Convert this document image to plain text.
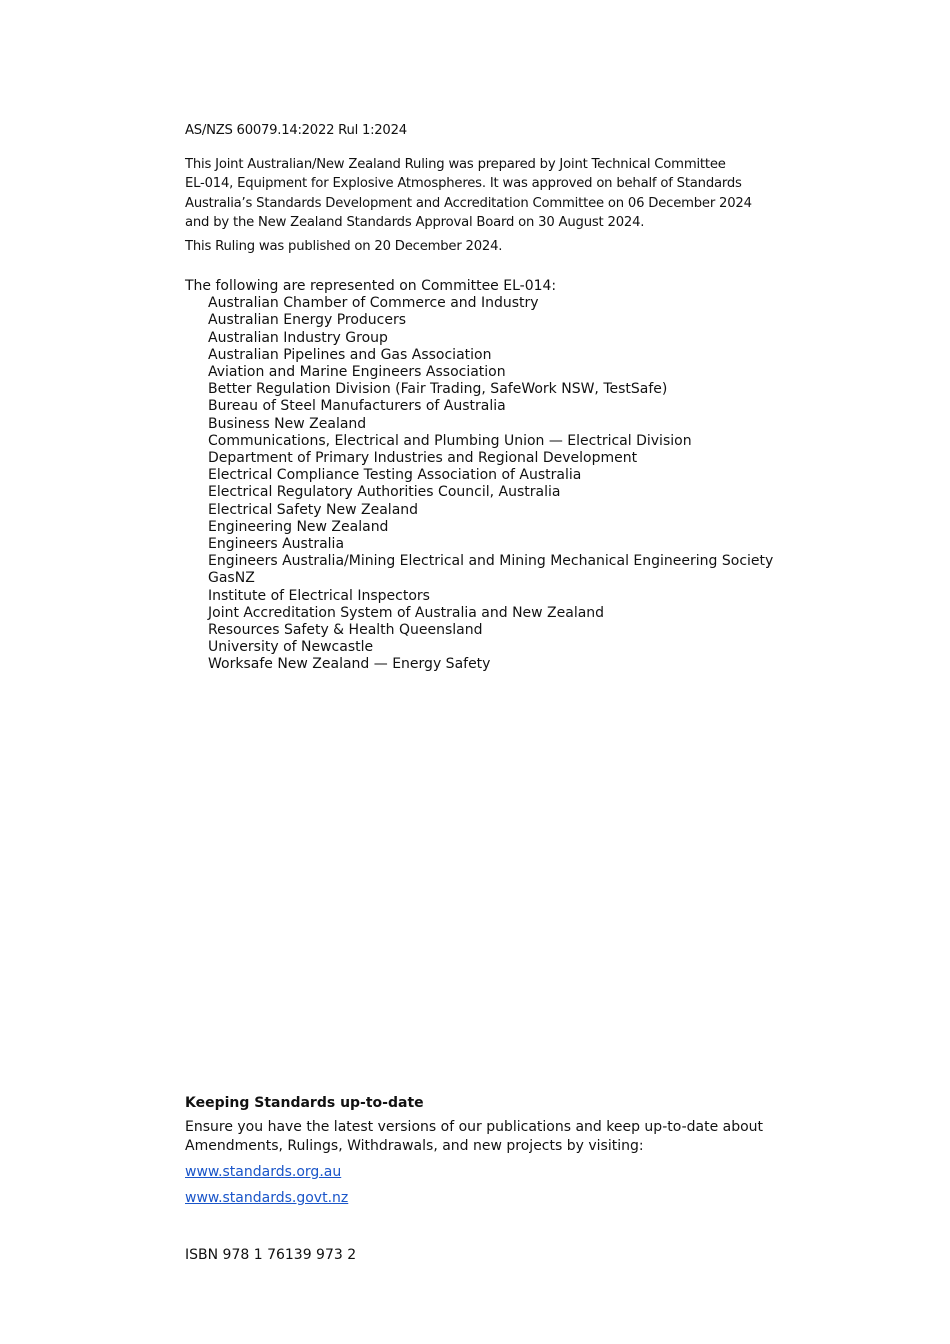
AS/NZS 60079.14:2022 Rul 1:2024

This Joint Australian/New Zealand Ruling was prepared by Joint Technical Committee

EL-014, Equipment for Explosive Atmospheres. It was approved on behalf of Standards

Australia’s Standards Development and Accreditation Committee on 06 December 2024

and by the New Zealand Standards Approval Board on 30 August 2024.

This Ruling was published on 20 December 2024.

The following are represented on Committee EL-014:

Australian Chamber of Commerce and Industry
Australian Energy Producers
Australian Industry Group
Australian Pipelines and Gas Association
Aviation and Marine Engineers Association
Better Regulation Division (Fair Trading, SafeWork NSW, TestSafe)
Bureau of Steel Manufacturers of Australia
Business New Zealand
Communications, Electrical and Plumbing Union — Electrical Division
Department of Primary Industries and Regional Development
Electrical Compliance Testing Association of Australia
Electrical Regulatory Authorities Council, Australia
Electrical Safety New Zealand
Engineering New Zealand
Engineers Australia
Engineers Australia/Mining Electrical and Mining Mechanical Engineering Society
GasNZ
Institute of Electrical Inspectors
Joint Accreditation System of Australia and New Zealand
Resources Safety & Health Queensland
University of Newcastle
Worksafe New Zealand — Energy Safety
Keeping Standards up-to-date

Ensure you have the latest versions of our publications and keep up-to-date about

Amendments, Rulings, Withdrawals, and new projects by visiting:

www.standards.org.au
www.standards.govt.nz
ISBN 978 1 76139 973 2
